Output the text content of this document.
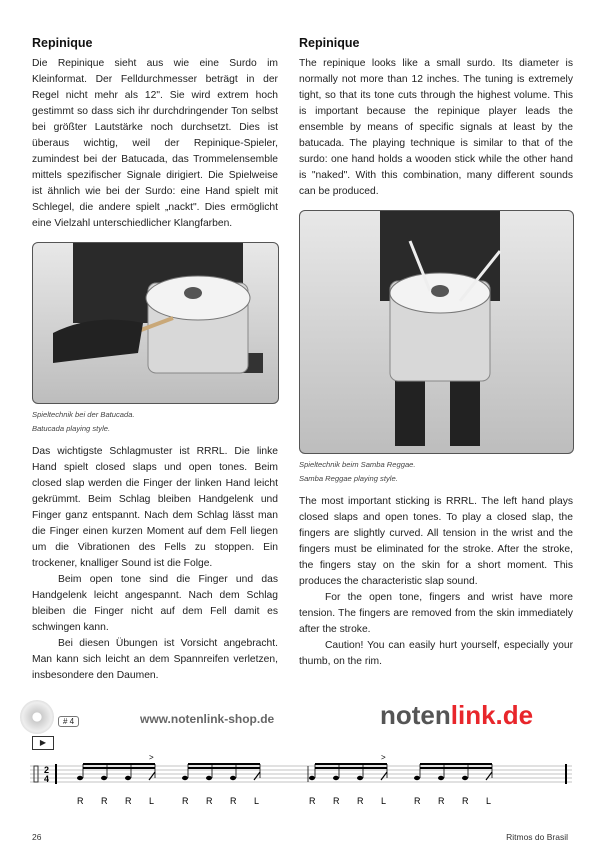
Repinique

Die Repinique sieht aus wie eine Surdo im Kleinformat. Der Felldurchmesser beträgt in der Regel nicht mehr als 12". Sie wird extrem hoch gestimmt so dass sich ihr durchdringender Ton selbst bei größter Lautstärke noch durchsetzt. Dies ist überaus wichtig, weil der Repinique-Spieler, zumindest bei der Batucada, das Trommelensemble mittels spezifischer Signale dirigiert. Die Spielweise ist ähnlich wie bei der Surdo: eine Hand spielt mit Schlegel, die andere spielt „nackt". Dies ermöglicht eine Vielzahl unterschiedlicher Klangfarben.

Spieltechnik bei der Batucada.
Batucada playing style.

Das wichtigste Schlagmuster ist RRRL. Die linke Hand spielt closed slaps und open tones. Beim closed slap werden die Finger der linken Hand leicht gekrümmt. Beim Schlag bleiben Handgelenk und Finger ganz entspannt. Nach dem Schlag lässt man die Finger einen kurzen Moment auf dem Fell liegen um die Vibrationen des Fells zu stoppen. Ein trockener, knalliger Sound ist die Folge.

Beim open tone sind die Finger und das Handgelenk leicht angespannt. Nach dem Schlag bleiben die Finger nicht auf dem Fell damit es schwingen kann.

Bei diesen Übungen ist Vorsicht angebracht. Man kann sich leicht an dem Spannreifen verletzen, insbesondere den Daumen.

Repinique

The repinique looks like a small surdo. Its diameter is normally not more than 12 inches. The tuning is extremely tight, so that its tone cuts through the highest volume. This is important because the repinique player leads the ensemble by means of specific signals at least by the batucada. The playing technique is similar to that of the surdo: one hand holds a wooden stick while the other hand is "naked". With this combination, many different sounds can be produced.

Spieltechnik beim Samba Reggae.
Samba Reggae playing style.

The most important sticking is RRRL. The left hand plays closed slaps and open tones. To play a closed slap, the fingers are slightly curved. All tension in the wrist and the fingers must be eliminated for the stroke. After the stroke, the fingers stay on the skin for a short moment. This produces the characteristic slap sound.

For the open tone, fingers and wrist have more tension. The fingers are removed from the skin immediately after the stroke.

Caution! You can easily hurt yourself, especially your thumb, on the rim.

# 4	www.notenlink-shop.de	notenlink.de
▶
2
4
R R R L
>
R R R L	R R R L
>
R R R L
26	Ritmos do Brasil
